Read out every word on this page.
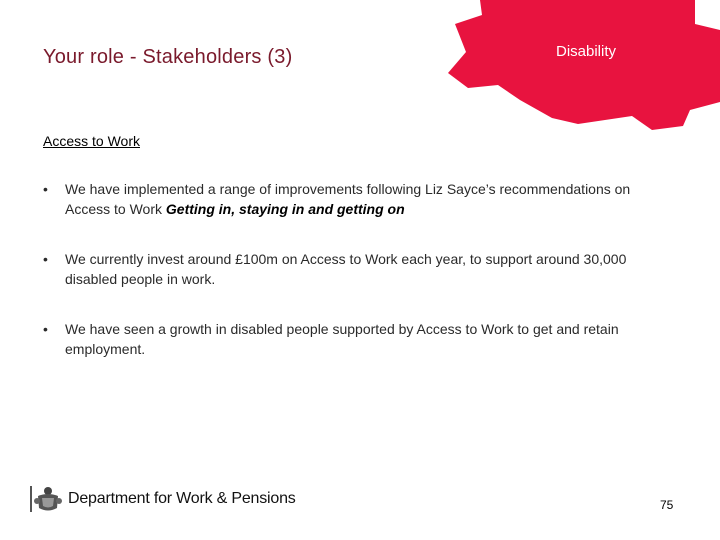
Your role - Stakeholders (3)	Disability
Access to Work
• We have implemented a range of improvements following Liz Sayce’s recommendations on Access to Work Getting in, staying in and getting on
• We currently invest around £100m on Access to Work each year, to support around 30,000 disabled people in work.
• We have seen a growth in disabled people supported by Access to Work to get and retain employment.
Department for Work & Pensions	75
